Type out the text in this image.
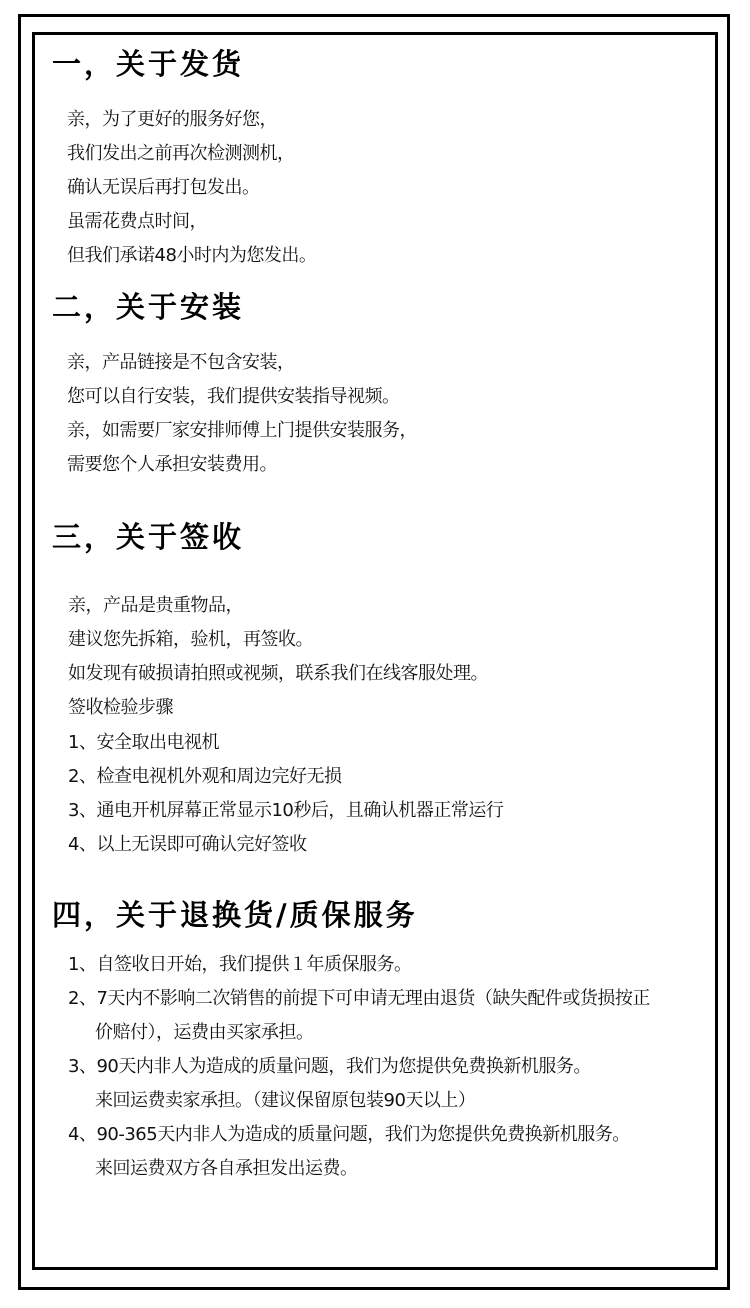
一，关于发货
亲，为了更好的服务好您，
我们发出之前再次检测测机，
确认无误后再打包发出。
虽需花费点时间，
但我们承诺48小时内为您发出。
二，关于安装
亲，产品链接是不包含安装，
您可以自行安装，我们提供安装指导视频。
亲，如需要厂家安排师傅上门提供安装服务，
需要您个人承担安装费用。
三，关于签收
亲，产品是贵重物品，
建议您先拆箱，验机，再签收。
如发现有破损请拍照或视频，联系我们在线客服处理。
签收检验步骤
1、安全取出电视机
2、检查电视机外观和周边完好无损
3、通电开机屏幕正常显示10秒后，且确认机器正常运行
4、以上无误即可确认完好签收
四，关于退换货/质保服务
1、自签收日开始，我们提供１年质保服务。
2、7天内不影响二次销售的前提下可申请无理由退货（缺失配件或货损按正
价赔付），运费由买家承担。
3、90天内非人为造成的质量问题，我们为您提供免费换新机服务。
来回运费卖家承担。（建议保留原包装90天以上）
4、90-365天内非人为造成的质量问题，我们为您提供免费换新机服务。
来回运费双方各自承担发出运费。
